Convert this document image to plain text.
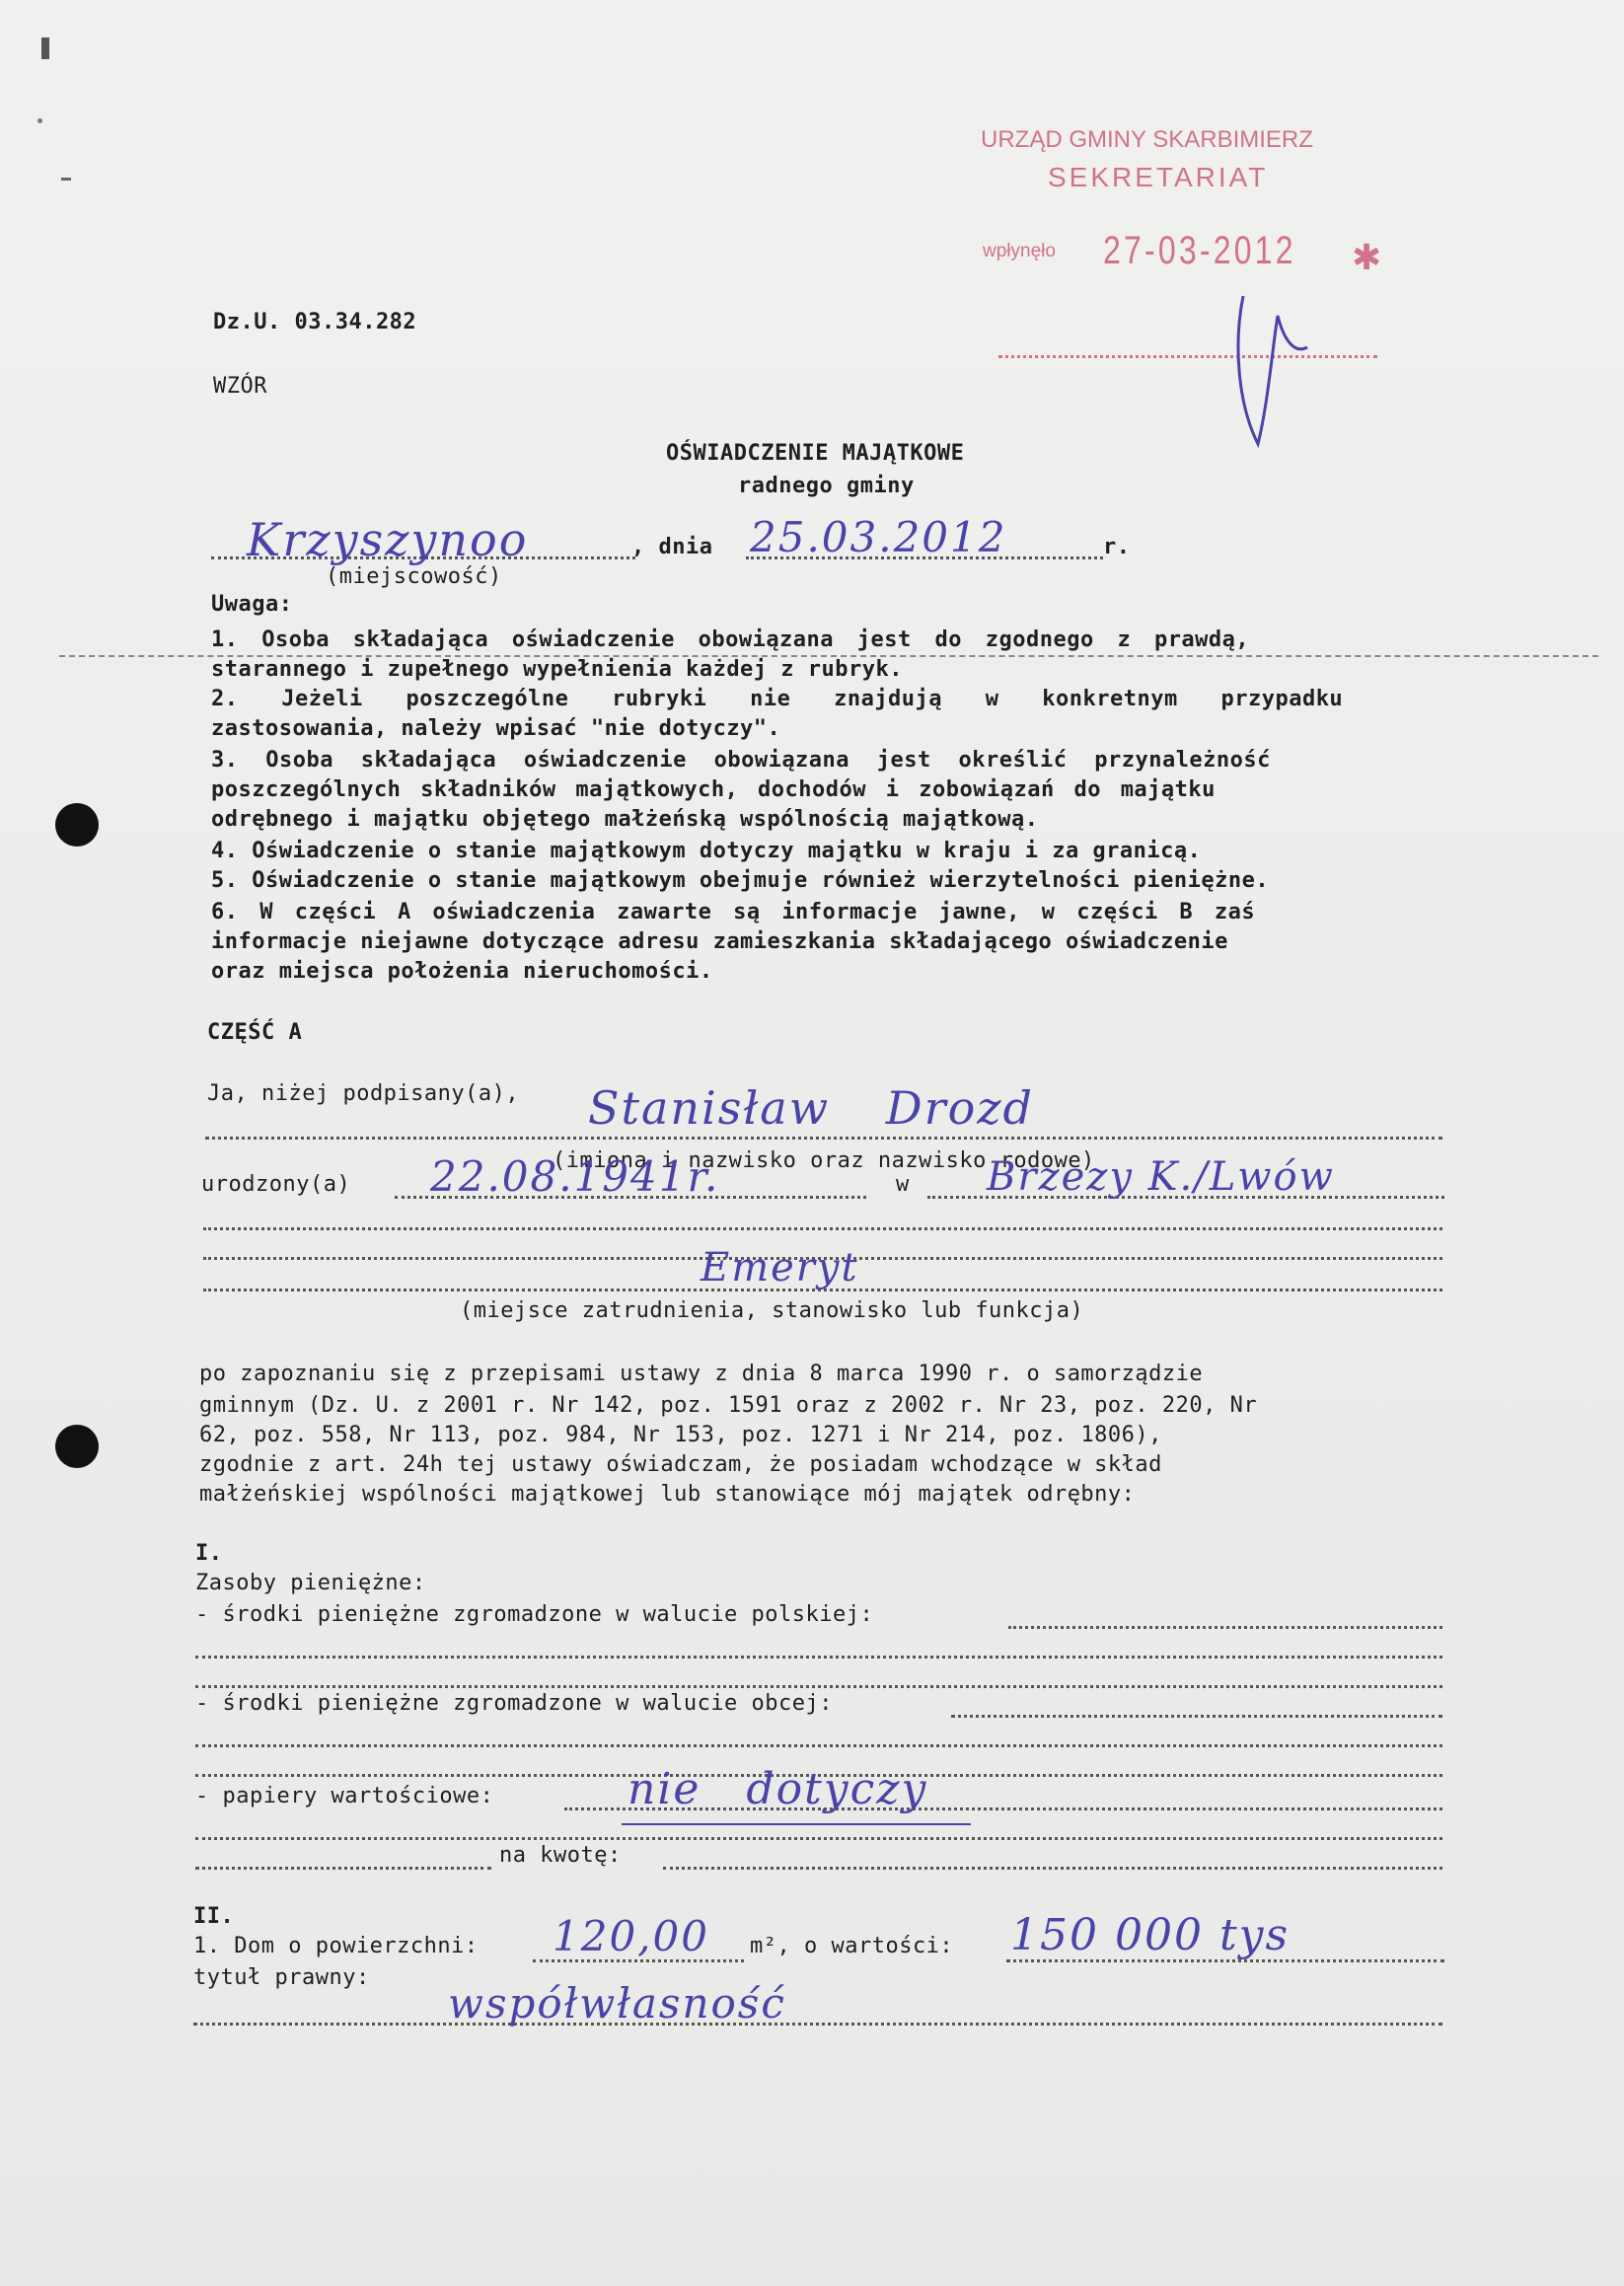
URZĄD GMINY SKARBIMIERZ
SEKRETARIAT
wpłynęło 27-03-2012 ✱
Dz.U. 03.34.282
WZÓR
OŚWIADCZENIE MAJĄTKOWE
radnego gminy
Krzyszynoo	, dnia 25.03.2012	r.
(miejscowość)
Uwaga:
1. Osoba składająca oświadczenie obowiązana jest do zgodnego z prawdą,
starannego i zupełnego wypełnienia każdej z rubryk.
2. Jeżeli poszczególne rubryki nie znajdują w konkretnym przypadku
zastosowania, należy wpisać "nie dotyczy".
3. Osoba składająca oświadczenie obowiązana jest określić przynależność
poszczególnych składników majątkowych, dochodów i zobowiązań do majątku
odrębnego i majątku objętego małżeńską wspólnością majątkową.
4. Oświadczenie o stanie majątkowym dotyczy majątku w kraju i za granicą.
5. Oświadczenie o stanie majątkowym obejmuje również wierzytelności pieniężne.
6. W części A oświadczenia zawarte są informacje jawne, w części B zaś
informacje niejawne dotyczące adresu zamieszkania składającego oświadczenie
oraz miejsca położenia nieruchomości.
CZĘŚĆ A
Ja, niżej podpisany(a), Stanisław Drozd
(imiona i nazwisko oraz nazwisko rodowe)
urodzony(a) 22.08.1941r.	w Brzezy K./Lwów
Emeryt
(miejsce zatrudnienia, stanowisko lub funkcja)
po zapoznaniu się z przepisami ustawy z dnia 8 marca 1990 r. o samorządzie
gminnym (Dz. U. z 2001 r. Nr 142, poz. 1591 oraz z 2002 r. Nr 23, poz. 220, Nr
62, poz. 558, Nr 113, poz. 984, Nr 153, poz. 1271 i Nr 214, poz. 1806),
zgodnie z art. 24h tej ustawy oświadczam, że posiadam wchodzące w skład
małżeńskiej wspólności majątkowej lub stanowiące mój majątek odrębny:
I.
Zasoby pieniężne:
- środki pieniężne zgromadzone w walucie polskiej:
- środki pieniężne zgromadzone w walucie obcej:
- papiery wartościowe:	nie dotyczy
na kwotę:
II.
1. Dom o powierzchni: 120,00 m², o wartości: 150 000 tys
tytuł prawny:
współwłasność
